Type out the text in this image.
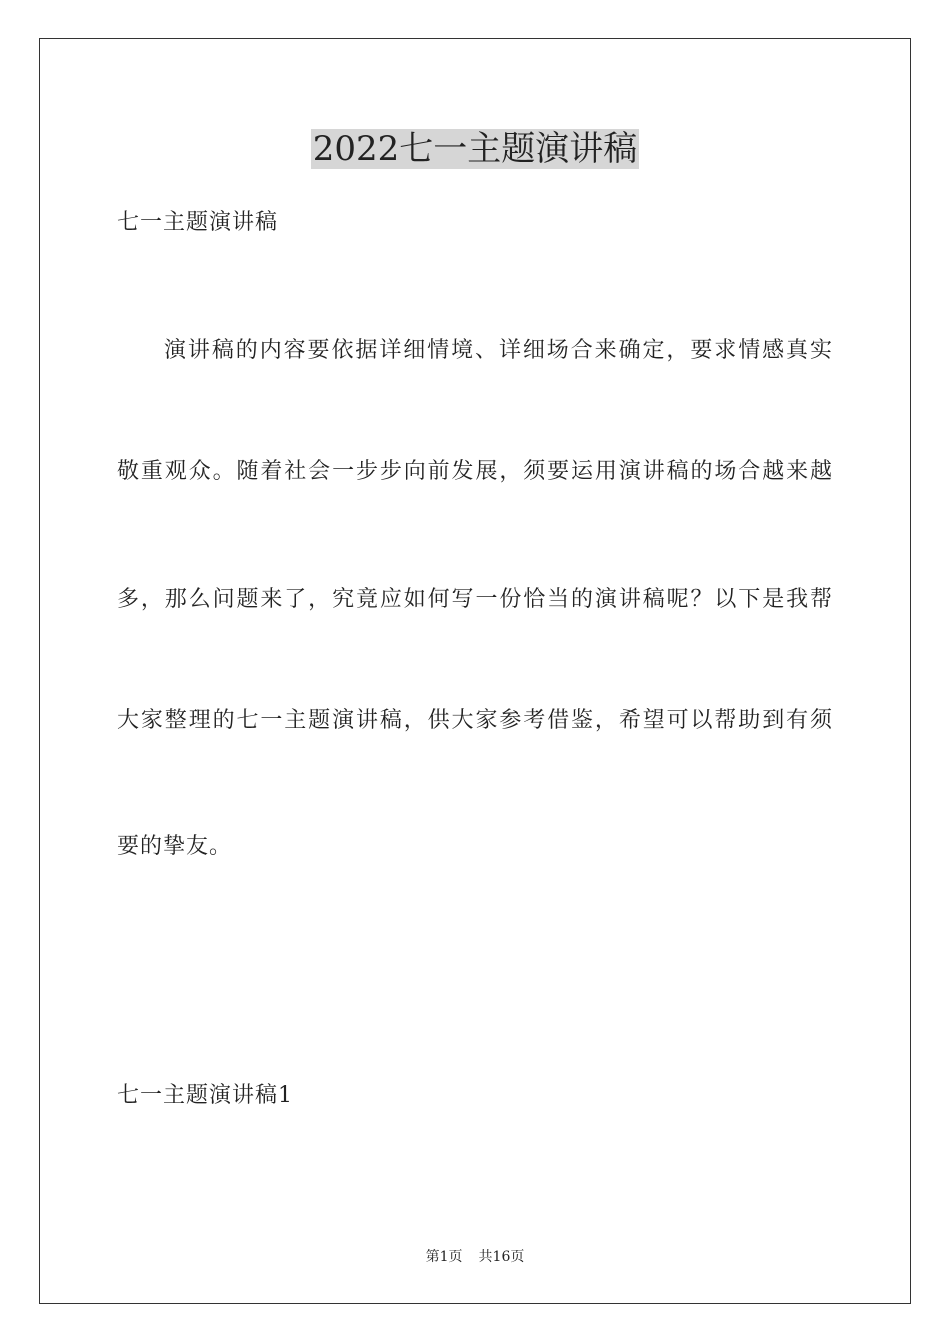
2022七一主题演讲稿

七一主题演讲稿

演讲稿的内容要依据详细情境、详细场合来确定，要求情感真实

敬重观众。随着社会一步步向前发展，须要运用演讲稿的场合越来越

多，那么问题来了，究竟应如何写一份恰当的演讲稿呢？以下是我帮

大家整理的七一主题演讲稿，供大家参考借鉴，希望可以帮助到有须

要的挚友。

七一主题演讲稿1

第1页 共16页
